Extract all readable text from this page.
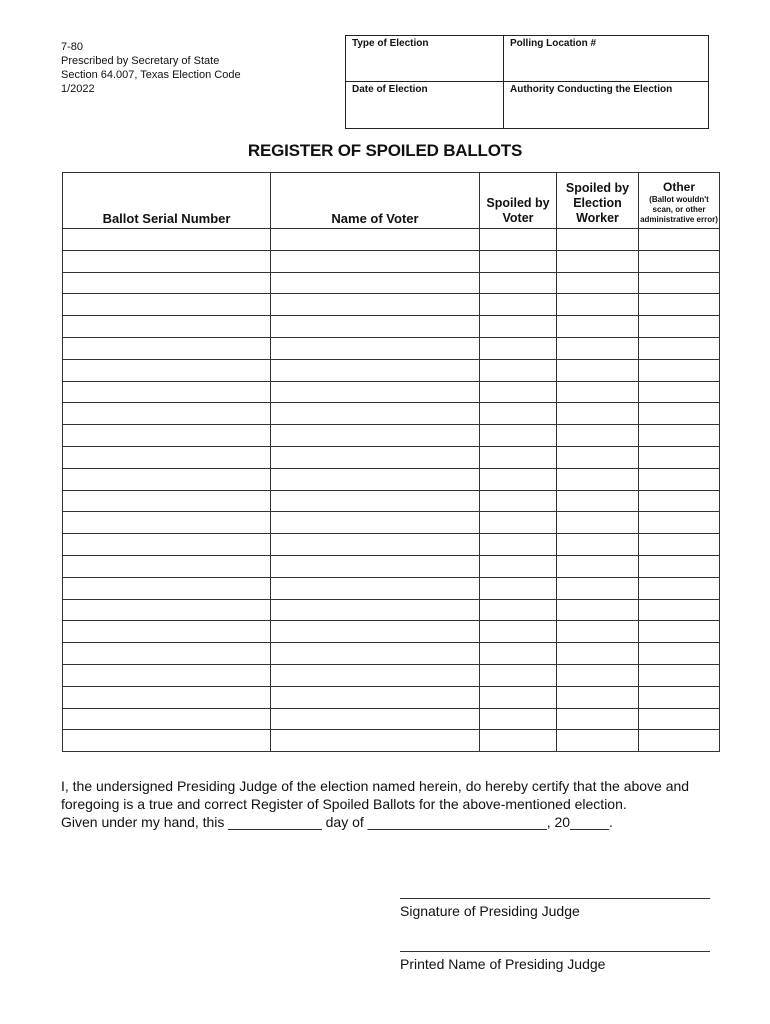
7-80
Prescribed by Secretary of State
Section 64.007, Texas Election Code
1/2022
Type of Election	Polling Location #
Date of Election	Authority Conducting the Election
REGISTER OF SPOILED BALLOTS
Ballot Serial Number	Name of Voter	Spoiled by Voter	Spoiled by Election Worker	Other
(Ballot wouldn't scan, or other administrative error)

I, the undersigned Presiding Judge of the election named herein, do hereby certify that the above and foregoing is a true and correct Register of Spoiled Ballots for the above-mentioned election.

Given under my hand, this ____________ day of _______________________, 20_____.

Signature of Presiding Judge
Printed Name of Presiding Judge
